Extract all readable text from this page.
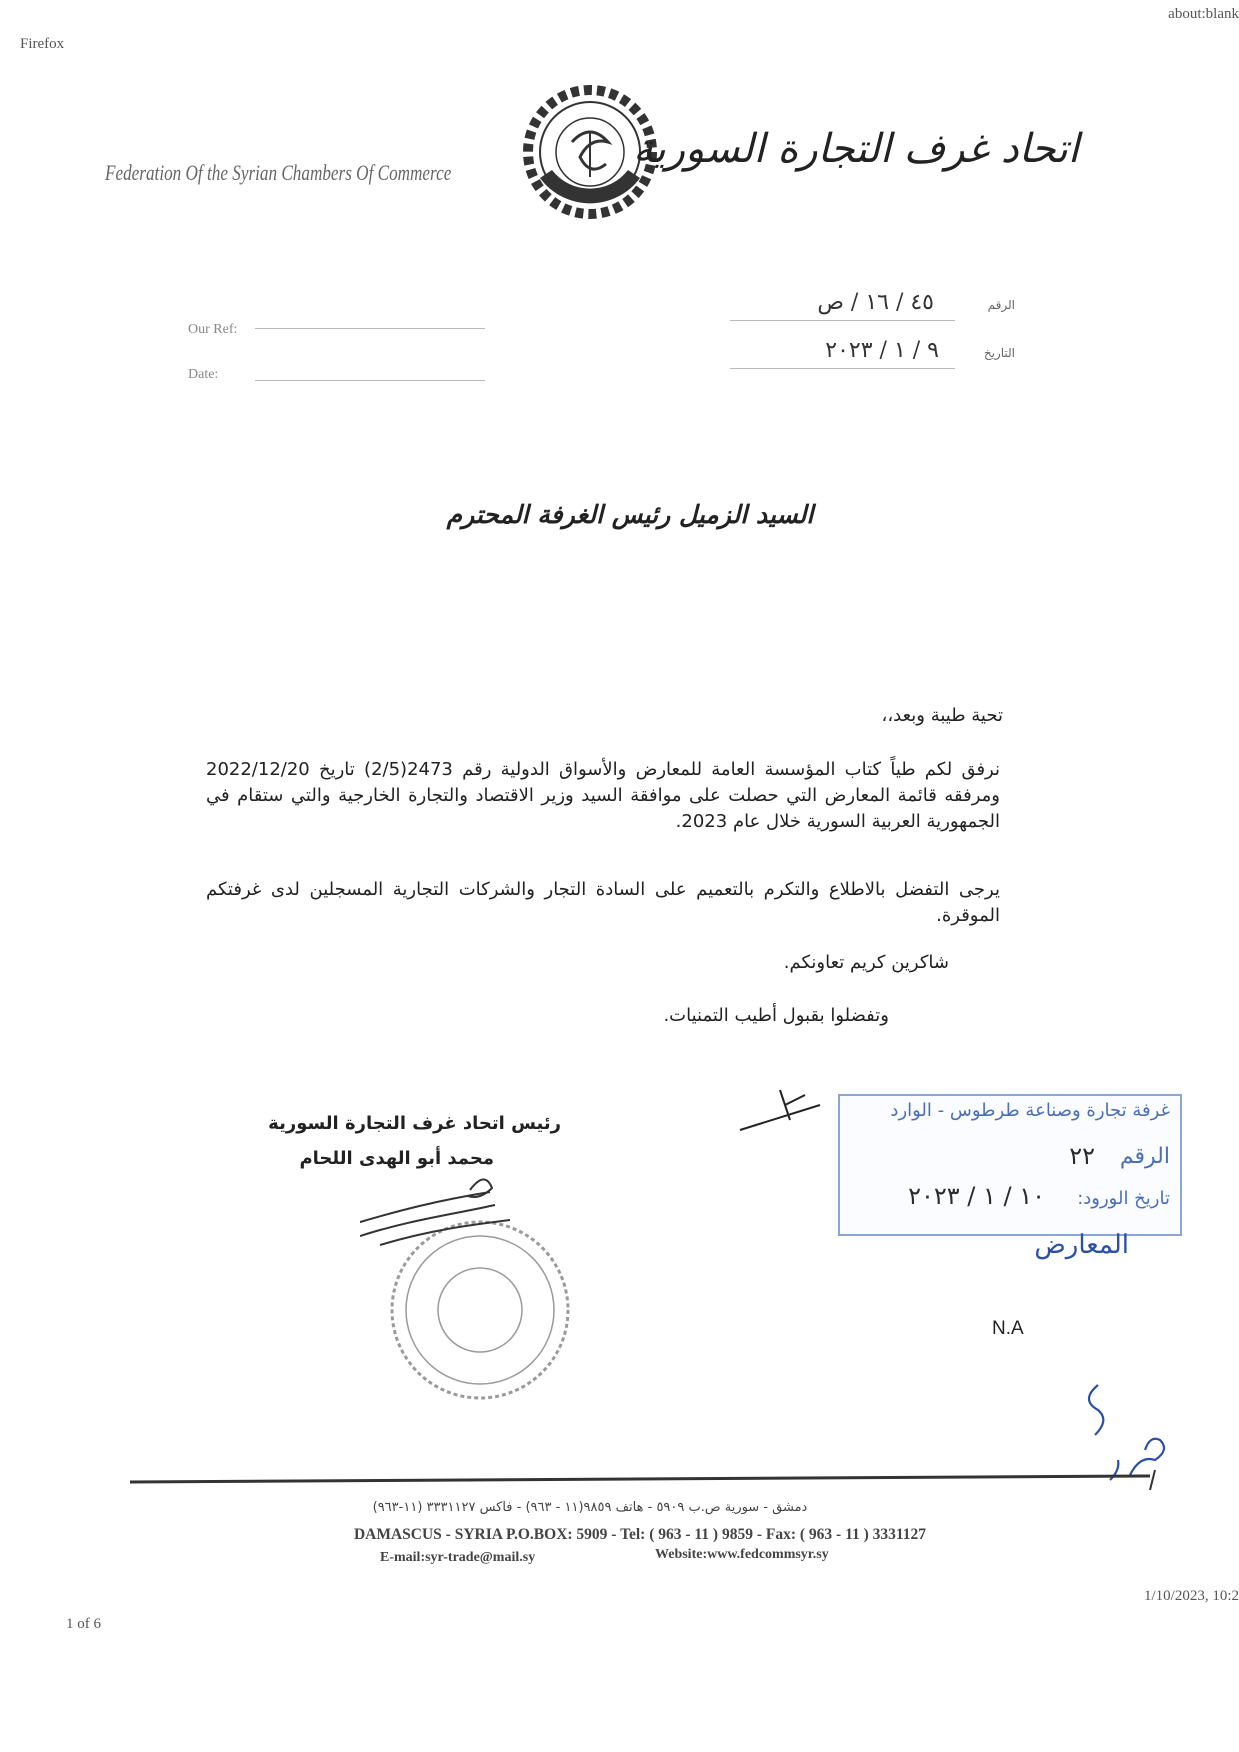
Firefox
about:blank
1 of 6
1/10/2023, 10:2
Federation Of the Syrian Chambers Of Commerce
اتحاد غرف التجارة السورية
Our Ref:
Date:
الرقم
٤٥ / ١٦ / ص
التاريخ
٩ / ١ / ٢٠٢٣
السيد الزميل رئيس الغرفة المحترم
تحية طيبة وبعد،،
نرفق لكم طياً كتاب المؤسسة العامة للمعارض والأسواق الدولية رقم 2473(2/5) تاريخ 2022/12/20 ومرفقه قائمة المعارض التي حصلت على موافقة السيد وزير الاقتصاد والتجارة الخارجية والتي ستقام في الجمهورية العربية السورية خلال عام 2023.
يرجى التفضل بالاطلاع والتكرم بالتعميم على السادة التجار والشركات التجارية المسجلين لدى غرفتكم الموقرة.
شاكرين كريم تعاونكم.
وتفضلوا بقبول أطيب التمنيات.
رئيس اتحاد غرف التجارة السورية
محمد أبو الهدى اللحام
غرفة تجارة وصناعة طرطوس - الوارد
الرقم
٢٢
تاريخ الورود:
١٠ / ١ / ٢٠٢٣
المعارض
N.A
دمشق - سورية ص.ب ٥٩٠٩ - هاتف ٩٨٥٩(١١ - ٩٦٣) - فاكس ٣٣٣١١٢٧ (١١-٩٦٣)
DAMASCUS - SYRIA P.O.BOX: 5909 - Tel: ( 963 - 11 ) 9859 - Fax: ( 963 - 11 ) 3331127
E-mail:syr-trade@mail.sy	Website:www.fedcommsyr.sy
